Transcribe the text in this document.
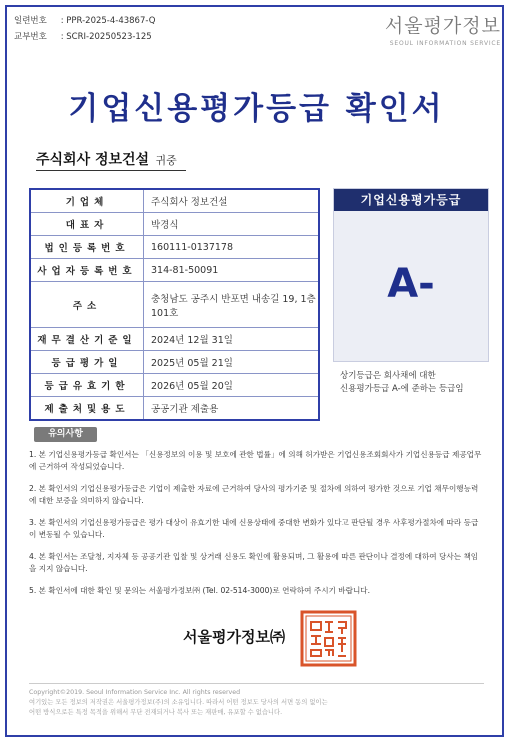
일련번호 : PPR-2025-4-43867-Q
교부번호 : SCRI-20250523-125	서울평가정보
SEOUL INFORMATION SERVICE
기업신용평가등급 확인서
주식회사 정보건설 귀중
기업체	주식회사 정보건설
대표자	박경식
법인등록번호	160111-0137178
사업자등록번호	314-81-50091
주소	충청남도 공주시 반포면 내송길 19, 1층 101호
재무결산기준일	2024년 12월 31일
등급평가일	2025년 05월 21일
등급유효기한	2026년 05월 20일
제출처및용도	공공기관 제출용
기업신용평가등급
A-
상기등급은 회사채에 대한
신용평가등급 A-에 준하는 등급임
유의사항
1. 본 기업신용평가등급 확인서는 「신용정보의 이용 및 보호에 관한 법률」에 의해 허가받은 기업신용조회회사가 기업신용등급 제공업무에 근거하여 작성되었습니다.
2. 본 확인서의 기업신용평가등급은 기업이 제출한 자료에 근거하여 당사의 평가기준 및 절차에 의하여 평가한 것으로 기업 채무이행능력에 대한 보증을 의미하지 않습니다.
3. 본 확인서의 기업신용평가등급은 평가 대상이 유효기한 내에 신용상태에 중대한 변화가 있다고 판단될 경우 사후평가절차에 따라 등급이 변동될 수 있습니다.
4. 본 확인서는 조달청, 지자체 등 공공기관 입찰 및 상거래 신용도 확인에 활용되며, 그 활용에 따른 판단이나 결정에 대하여 당사는 책임을 지지 않습니다.
5. 본 확인서에 대한 확인 및 문의는 서울평가정보㈜ (Tel. 02-514-3000)로 연락하여 주시기 바랍니다.
서울평가정보㈜
Copyright©2019. Seoul Information Service Inc. All rights reserved
여기있는 모든 정보의 저작권은 서울평가정보(주)의 소유입니다. 따라서 어떤 정보도 당사의 서면 동의 없이는
어떤 방식으로든 특정 목적을 위해서 무단 전재되거나 복사 또는 재판매, 유포할 수 없습니다.
